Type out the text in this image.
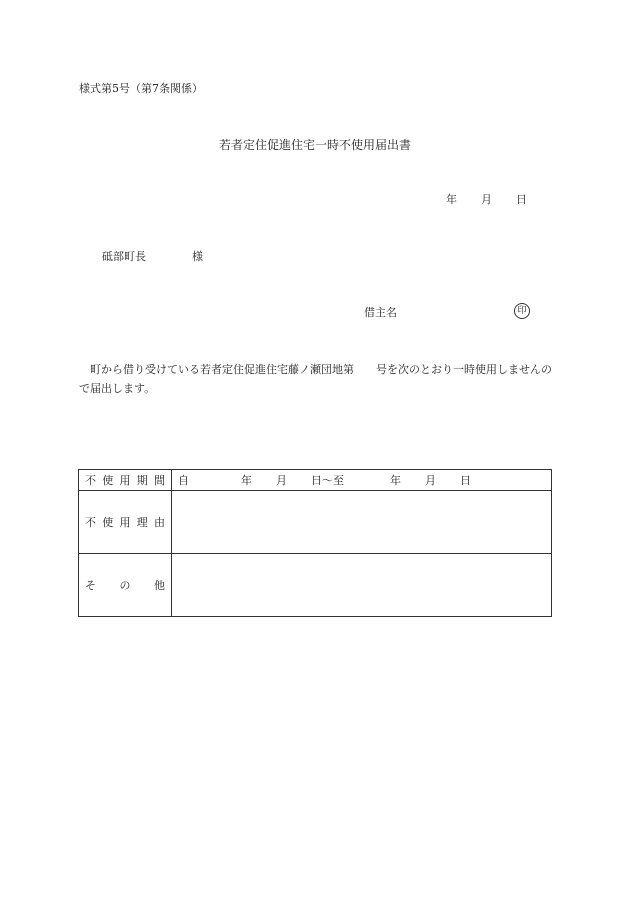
様式第5号（第7条関係）
若者定住促進住宅一時不使用届出書
年 月 日
砥部町長	様
借主名	印
町から借り受けている若者定住促進住宅藤ノ瀬団地第　　号を次のとおり一時使用しませんので届出します。
不使用期間	自 年 月 日～至 年 月 日
不使用理由	
その他	
